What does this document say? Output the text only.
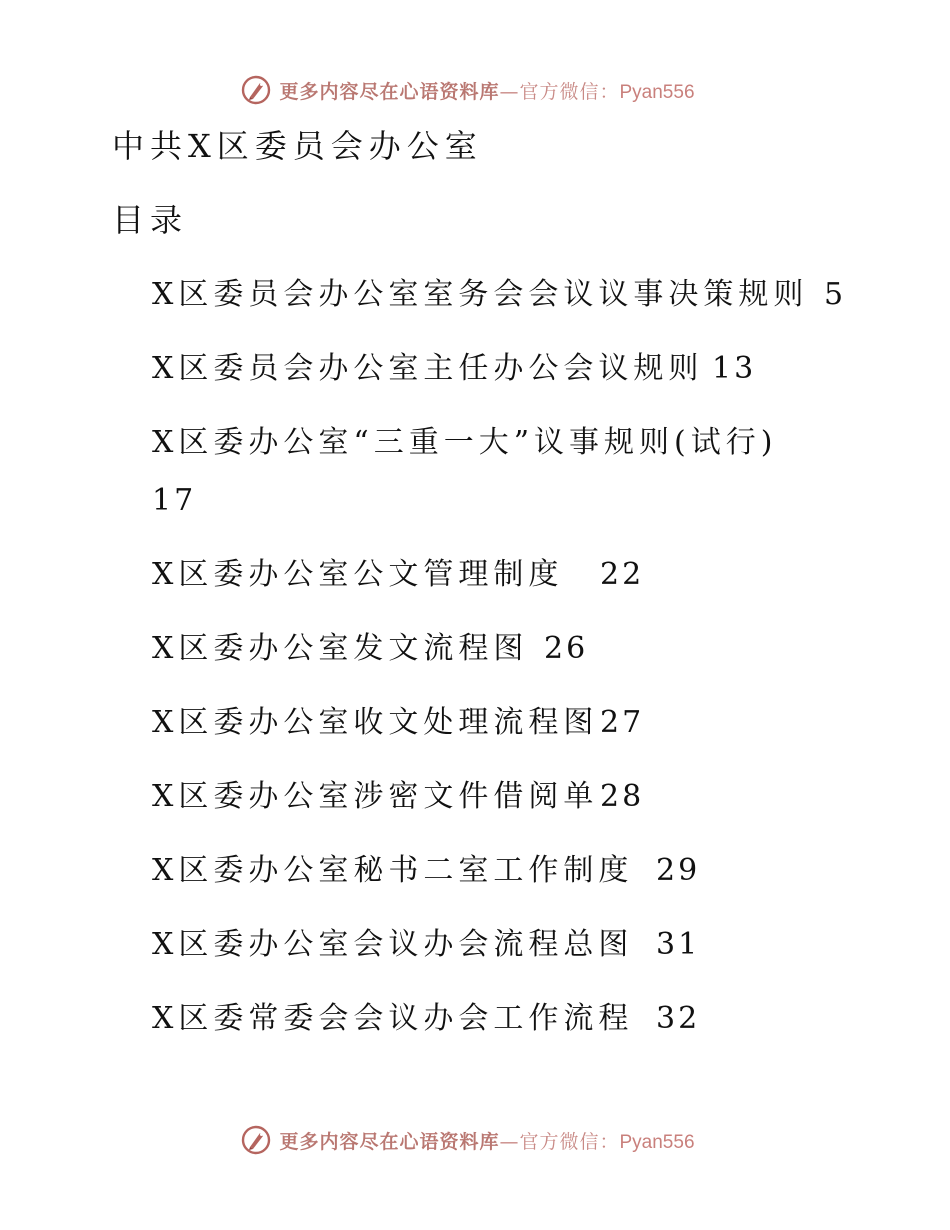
更多内容尽在心语资料库—官方微信：Pyan556
中共X区委员会办公室
目录
X区委员会办公室室务会会议议事决策规则 5
X区委员会办公室主任办公会议规则 13
X区委办公室“三重一大”议事规则(试行)
17
X区委办公室公文管理制度 22
X区委办公室发文流程图 26
X区委办公室收文处理流程图 27
X区委办公室涉密文件借阅单 28
X区委办公室秘书二室工作制度 29
X区委办公室会议办会流程总图 31
X区委常委会会议办会工作流程 32
更多内容尽在心语资料库—官方微信：Pyan556
